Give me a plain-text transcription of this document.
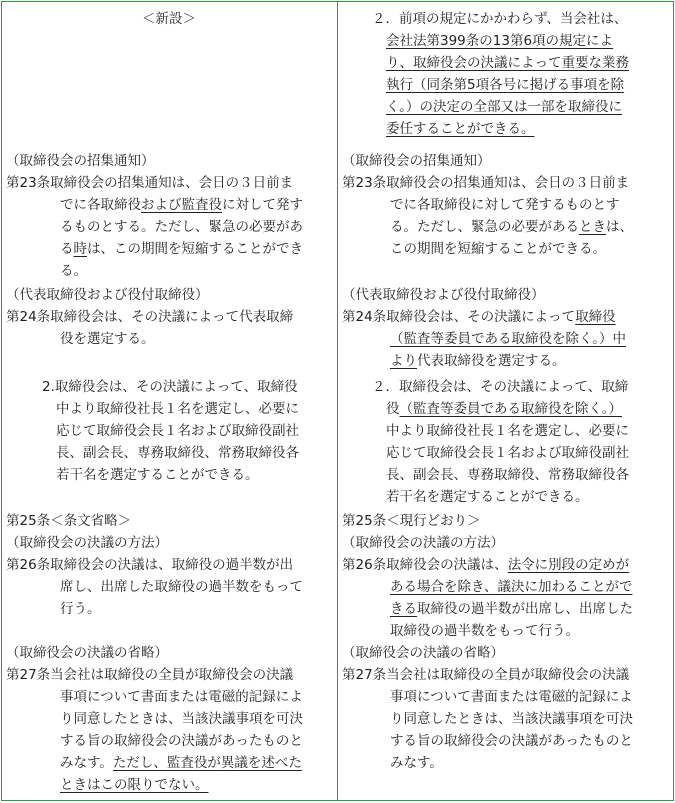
＜新設＞
（取締役会の招集通知）
第23条取締役会の招集通知は、会日の３日前ま
でに各取締役および監査役に対して発す
るものとする。ただし、緊急の必要があ
る時は、この期間を短縮することができ
る。
（代表取締役および役付取締役）
第24条取締役会は、その決議によって代表取締
役を選定する。
2.取締役会は、その決議によって、取締役
中より取締役社長１名を選定し、必要に
応じて取締役会長１名および取締役副社
長、副会長、専務取締役、常務取締役各
若干名を選定することができる。
第25条＜条文省略＞
（取締役会の決議の方法）
第26条取締役会の決議は、取締役の過半数が出
席し、出席した取締役の過半数をもって
行う。
（取締役会の決議の省略）
第27条当会社は取締役の全員が取締役会の決議
事項について書面または電磁的記録によ
り同意したときは、当該決議事項を可決
する旨の取締役会の決議があったものと
みなす。ただし、監査役が異議を述べた
ときはこの限りでない。
２．前項の規定にかかわらず、当会社は、
会社法第399条の13第6項の規定によ
り、取締役会の決議によって重要な業務
執行（同条第5項各号に掲げる事項を除
く。）の決定の全部又は一部を取締役に
委任することができる。
（取締役会の招集通知）
第23条取締役会の招集通知は、会日の３日前ま
でに各取締役に対して発するものとす
る。ただし、緊急の必要があるときは、
この期間を短縮することができる。
（代表取締役および役付取締役）
第24条取締役会は、その決議によって取締役
（監査等委員である取締役を除く。）中
より代表取締役を選定する。
２．取締役会は、その決議によって、取締
役（監査等委員である取締役を除く。）
中より取締役社長１名を選定し、必要に
応じて取締役会長１名および取締役副社
長、副会長、専務取締役、常務取締役各
若干名を選定することができる。
第25条＜現行どおり＞
（取締役会の決議の方法）
第26条取締役会の決議は、法令に別段の定めが
ある場合を除き、議決に加わることがで
きる取締役の過半数が出席し、出席した
取締役の過半数をもって行う。
（取締役会の決議の省略）
第27条当会社は取締役の全員が取締役会の決議
事項について書面または電磁的記録によ
り同意したときは、当該決議事項を可決
する旨の取締役会の決議があったものと
みなす。
